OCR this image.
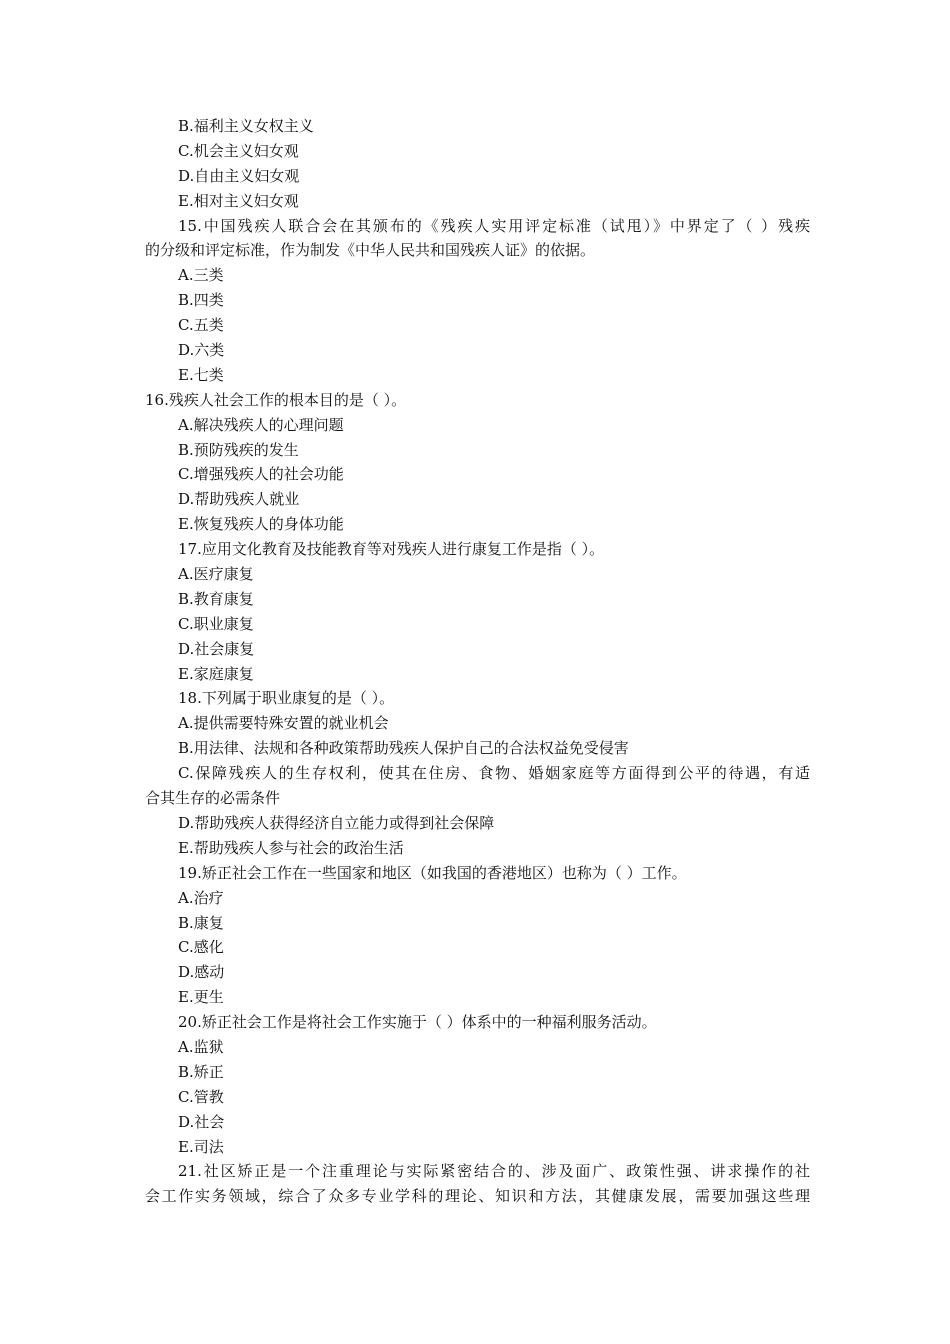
B.福利主义女权主义
C.机会主义妇女观
D.自由主义妇女观
E.相对主义妇女观
15.中国残疾人联合会在其颁布的《残疾人实用评定标准（试甩）》中界定了（ ）残疾
的分级和评定标准，作为制发《中华人民共和国残疾人证》的依据。
A.三类
B.四类
C.五类
D.六类
E.七类
16.残疾人社会工作的根本目的是（ ）。
A.解决残疾人的心理问题
B.预防残疾的发生
C.增强残疾人的社会功能
D.帮助残疾人就业
E.恢复残疾人的身体功能
17.应用文化教育及技能教育等对残疾人进行康复工作是指（ ）。
A.医疗康复
B.教育康复
C.职业康复
D.社会康复
E.家庭康复
18.下列属于职业康复的是（ ）。
A.提供需要特殊安置的就业机会
B.用法律、法规和各种政策帮助残疾人保护自己的合法权益免受侵害
C.保障残疾人的生存权利，使其在住房、食物、婚姻家庭等方面得到公平的待遇，有适
合其生存的必需条件
D.帮助残疾人获得经济自立能力或得到社会保障
E.帮助残疾人参与社会的政治生活
19.矫正社会工作在一些国家和地区（如我国的香港地区）也称为（ ）工作。
A.治疗
B.康复
C.感化
D.感动
E.更生
20.矫正社会工作是将社会工作实施于（ ）体系中的一种福利服务活动。
A.监狱
B.矫正
C.管教
D.社会
E.司法
21.社区矫正是一个注重理论与实际紧密结合的、涉及面广、政策性强、讲求操作的社
会工作实务领域，综合了众多专业学科的理论、知识和方法，其健康发展，需要加强这些理
